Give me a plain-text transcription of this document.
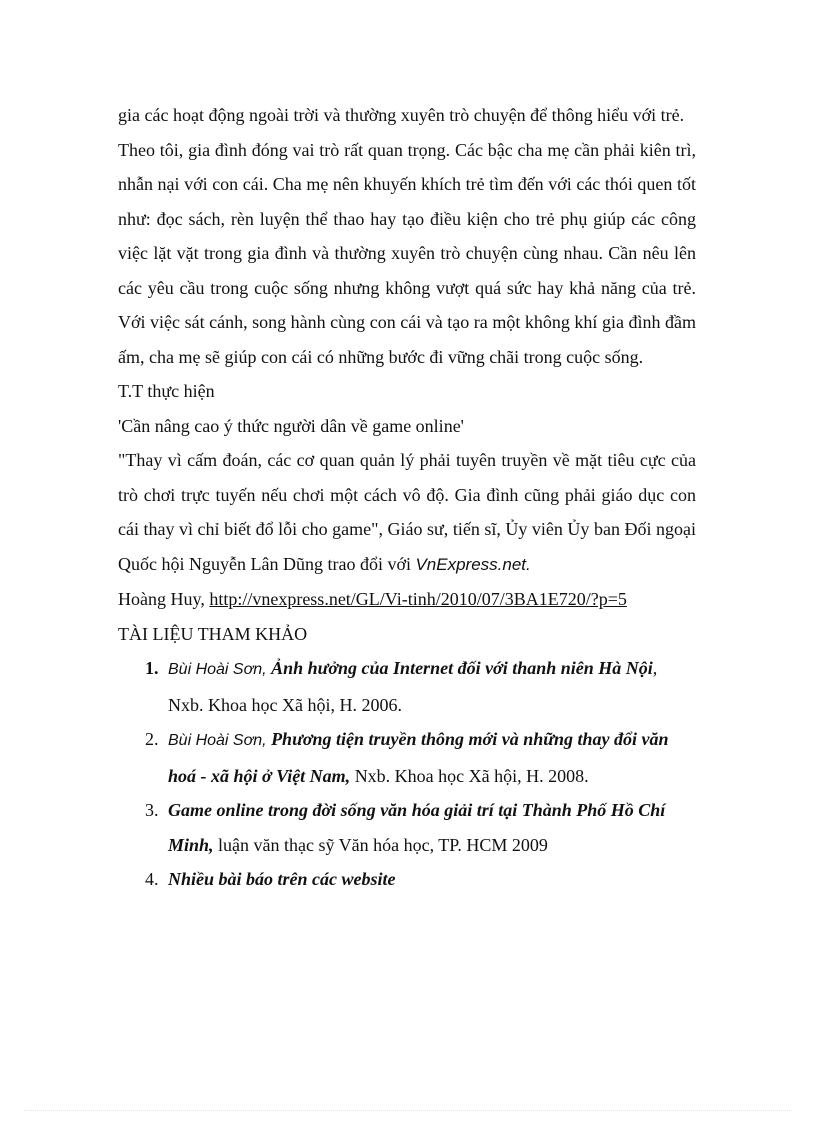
gia các hoạt động ngoài trời và thường xuyên trò chuyện để thông hiểu với trẻ.

Theo tôi, gia đình đóng vai trò rất quan trọng. Các bậc cha mẹ cần phải kiên trì, nhẫn nại với con cái. Cha mẹ nên khuyến khích trẻ tìm đến với các thói quen tốt như: đọc sách, rèn luyện thể thao hay tạo điều kiện cho trẻ phụ giúp các công việc lặt vặt trong gia đình và thường xuyên trò chuyện cùng nhau. Cần nêu lên các yêu cầu trong cuộc sống nhưng không vượt quá sức hay khả năng của trẻ. Với việc sát cánh, song hành cùng con cái và tạo ra một không khí gia đình đầm ấm, cha mẹ sẽ giúp con cái có những bước đi vững chãi trong cuộc sống.

T.T thực hiện

'Cần nâng cao ý thức người dân về game online'

"Thay vì cấm đoán, các cơ quan quản lý phải tuyên truyền về mặt tiêu cực của trò chơi trực tuyến nếu chơi một cách vô độ. Gia đình cũng phải giáo dục con cái thay vì chỉ biết đổ lỗi cho game", Giáo sư, tiến sĩ, Ủy viên Ủy ban Đối ngoại Quốc hội Nguyễn Lân Dũng trao đổi với VnExpress.net.

Hoàng Huy, http://vnexpress.net/GL/Vi-tinh/2010/07/3BA1E720/?p=5

TÀI LIỆU THAM KHẢO

1. Bùi Hoài Sơn, Ảnh hưởng của Internet đối với thanh niên Hà Nội, Nxb. Khoa học Xã hội, H. 2006.
2. Bùi Hoài Sơn, Phương tiện truyền thông mới và những thay đổi văn hoá - xã hội ở Việt Nam, Nxb. Khoa học Xã hội, H. 2008.
3. Game online trong đời sống văn hóa giải trí tại Thành Phố Hồ Chí Minh, luận văn thạc sỹ Văn hóa học, TP. HCM 2009
4. Nhiều bài báo trên các website
